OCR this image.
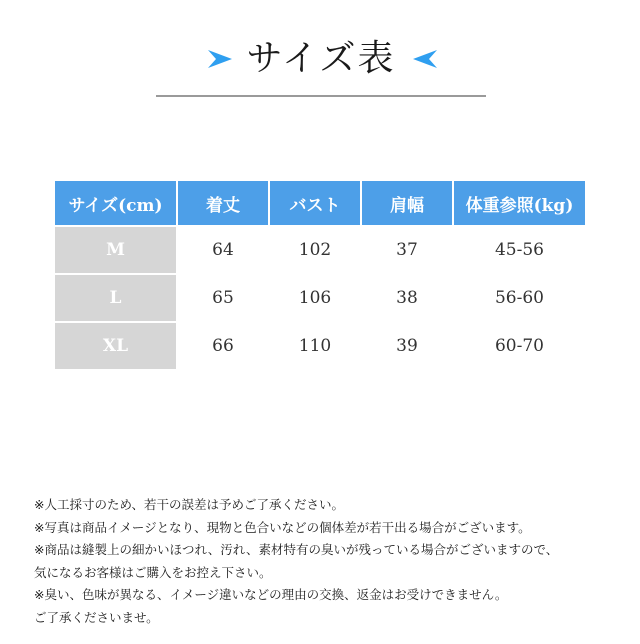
サイズ表
サイズ(cm)	着丈	バスト	肩幅	体重参照(kg)
M	64	102	37	45-56
L	65	106	38	56-60
XL	66	110	39	60-70
※人工採寸のため、若干の誤差は予めご了承ください。
※写真は商品イメージとなり、現物と色合いなどの個体差が若干出る場合がございます。
※商品は縫製上の細かいほつれ、汚れ、素材特有の臭いが残っている場合がございますので、
気になるお客様はご購入をお控え下さい。
※臭い、色味が異なる、イメージ違いなどの理由の交換、返金はお受けできません。
ご了承くださいませ。
